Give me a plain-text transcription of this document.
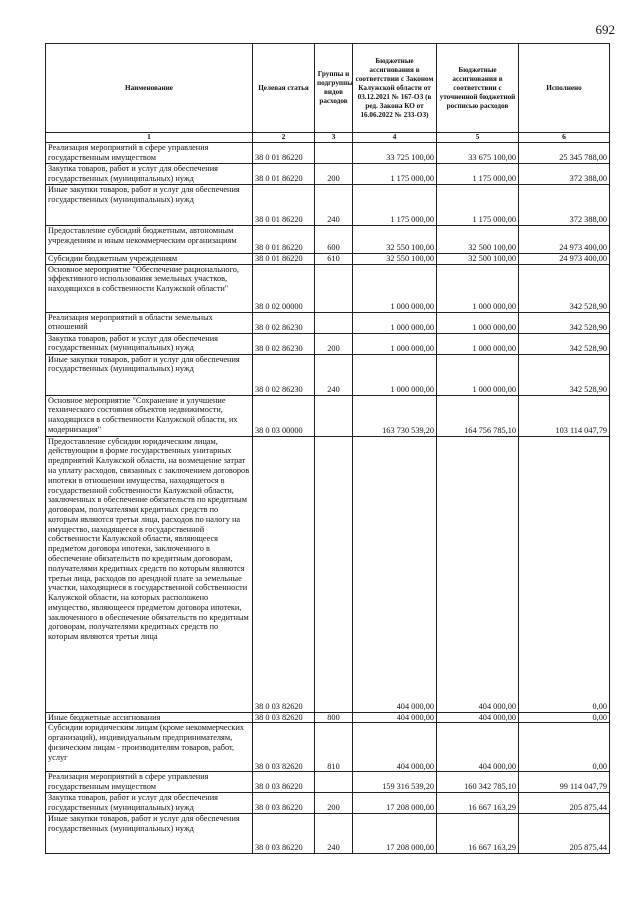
692
Наименование	Целевая статья	Группы и подгруппы видов расходов	Бюджетные ассигнования в соответствии с Законом Калужской области от 03.12.2021 № 167-ОЗ (в ред. Закона КО от 16.06.2022 № 233-ОЗ)	Бюджетные ассигнования в соответствии с уточненной бюджетной росписью расходов	Исполнено
1	2	3	4	5	6
Реализация мероприятий в сфере управления государственным имуществом	38 0 01 86220		33 725 100,00	33 675 100,00	25 345 788,00
Закупка товаров, работ и услуг для обеспечения государственных (муниципальных) нужд	38 0 01 86220	200	1 175 000,00	1 175 000,00	372 388,00
Иные закупки товаров, работ и услуг для обеспечения государственных (муниципальных) нужд	38 0 01 86220	240	1 175 000,00	1 175 000,00	372 388,00
Предоставление субсидий бюджетным, автономным учреждениям и иным некоммерческим организациям	38 0 01 86220	600	32 550 100,00	32 500 100,00	24 973 400,00
Субсидии бюджетным учреждениям	38 0 01 86220	610	32 550 100,00	32 500 100,00	24 973 400,00
Основное мероприятие "Обеспечение рационального, эффективного использования земельных участков, находящихся в собственности Калужской области"	38 0 02 00000		1 000 000,00	1 000 000,00	342 528,90
Реализация мероприятий в области земельных отношений	38 0 02 86230		1 000 000,00	1 000 000,00	342 528,90
Закупка товаров, работ и услуг для обеспечения государственных (муниципальных) нужд	38 0 02 86230	200	1 000 000,00	1 000 000,00	342 528,90
Иные закупки товаров, работ и услуг для обеспечения государственных (муниципальных) нужд	38 0 02 86230	240	1 000 000,00	1 000 000,00	342 528,90
Основное мероприятие "Сохранение и улучшение технического состояния объектов недвижимости, находящихся в собственности Калужской области, их модернизация"	38 0 03 00000		163 730 539,20	164 756 785,10	103 114 047,79
Предоставление субсидии юридическим лицам, действующим в форме государственных унитарных предприятий Калужской области, на возмещение затрат на уплату расходов, связанных с заключением договоров ипотеки в отношении имущества, находящегося в государственной собственности Калужской области, заключенных в обеспечение обязательств по кредитным договорам, получателями кредитных средств по которым являются третьи лица, расходов по налогу на имущество, находящееся в государственной собственности Калужской области, являющееся предметом договора ипотеки, заключенного в обеспечение обязательств по кредитным договорам, получателями кредитных средств по которым являются третьи лица, расходов по арендной плате за земельные участки, находящиеся в государственной собственности Калужской области, на которых расположено имущество, являющееся предметом договора ипотеки, заключенного в обеспечение обязательств по кредитным договорам, получателями кредитных средств по которым являются третьи лица	38 0 03 82620		404 000,00	404 000,00	0,00
Иные бюджетные ассигнования	38 0 03 82620	800	404 000,00	404 000,00	0,00
Субсидии юридическим лицам (кроме некоммерческих организаций), индивидуальным предпринимателям, физическим лицам - производителям товаров, работ, услуг	38 0 03 82620	810	404 000,00	404 000,00	0,00
Реализация мероприятий в сфере управления государственным имуществом	38 0 03 86220		159 316 539,20	160 342 785,10	99 114 047,79
Закупка товаров, работ и услуг для обеспечения государственных (муниципальных) нужд	38 0 03 86220	200	17 208 000,00	16 667 163,29	205 875,44
Иные закупки товаров, работ и услуг для обеспечения государственных (муниципальных) нужд	38 0 03 86220	240	17 208 000,00	16 667 163,29	205 875,44
